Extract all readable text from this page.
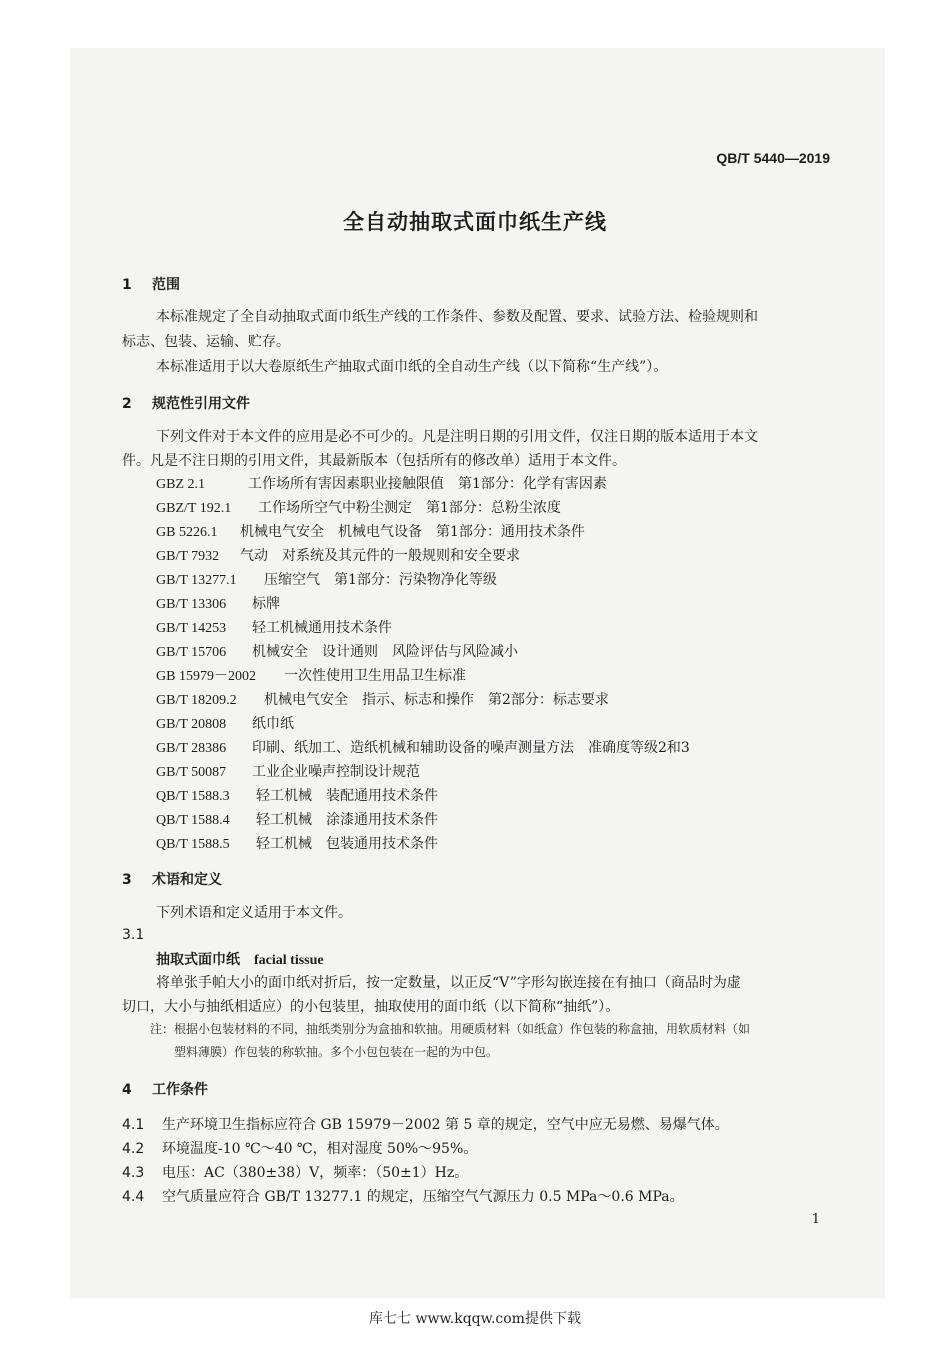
QB/T 5440—2019
全自动抽取式面巾纸生产线
1 范围
本标准规定了全自动抽取式面巾纸生产线的工作条件、参数及配置、要求、试验方法、检验规则和
标志、包装、运输、贮存。
本标准适用于以大卷原纸生产抽取式面巾纸的全自动生产线（以下简称“生产线”）。
2 规范性引用文件
下列文件对于本文件的应用是必不可少的。凡是注明日期的引用文件，仅注日期的版本适用于本文
件。凡是不注日期的引用文件，其最新版本（包括所有的修改单）适用于本文件。
GBZ 2.1	工作场所有害因素职业接触限值　第1部分：化学有害因素
GBZ/T 192.1 工作场所空气中粉尘测定　第1部分：总粉尘浓度
GB 5226.1 机械电气安全　机械电气设备　第1部分：通用技术条件
GB/T 7932 气动　对系统及其元件的一般规则和安全要求
GB/T 13277.1 压缩空气　第1部分：污染物净化等级
GB/T 13306 标牌
GB/T 14253 轻工机械通用技术条件
GB/T 15706 机械安全　设计通则　风险评估与风险减小
GB 15979－2002 一次性使用卫生用品卫生标准
GB/T 18209.2 机械电气安全　指示、标志和操作　第2部分：标志要求
GB/T 20808 纸巾纸
GB/T 28386 印刷、纸加工、造纸机械和辅助设备的噪声测量方法　准确度等级2和3
GB/T 50087 工业企业噪声控制设计规范
QB/T 1588.3 轻工机械　装配通用技术条件
QB/T 1588.4 轻工机械　涂漆通用技术条件
QB/T 1588.5 轻工机械　包装通用技术条件
3 术语和定义
下列术语和定义适用于本文件。
3.1
抽取式面巾纸 facial tissue
将单张手帕大小的面巾纸对折后，按一定数量，以正反“V”字形勾嵌连接在有抽口（商品时为虚
切口，大小与抽纸相适应）的小包装里，抽取使用的面巾纸（以下简称“抽纸”）。
注：根据小包装材料的不同，抽纸类别分为盒抽和软抽。用硬质材料（如纸盒）作包装的称盒抽，用软质材料（如
塑料薄膜）作包装的称软抽。多个小包包装在一起的为中包。
4 工作条件
4.1 生产环境卫生指标应符合 GB 15979－2002 第 5 章的规定，空气中应无易燃、易爆气体。
4.2 环境温度-10 ℃～40 ℃，相对湿度 50%～95%。
4.3 电压：AC（380±38）V，频率：（50±1）Hz。
4.4 空气质量应符合 GB/T 13277.1 的规定，压缩空气气源压力 0.5 MPa～0.6 MPa。
1
库七七 www.kqqw.com提供下载
